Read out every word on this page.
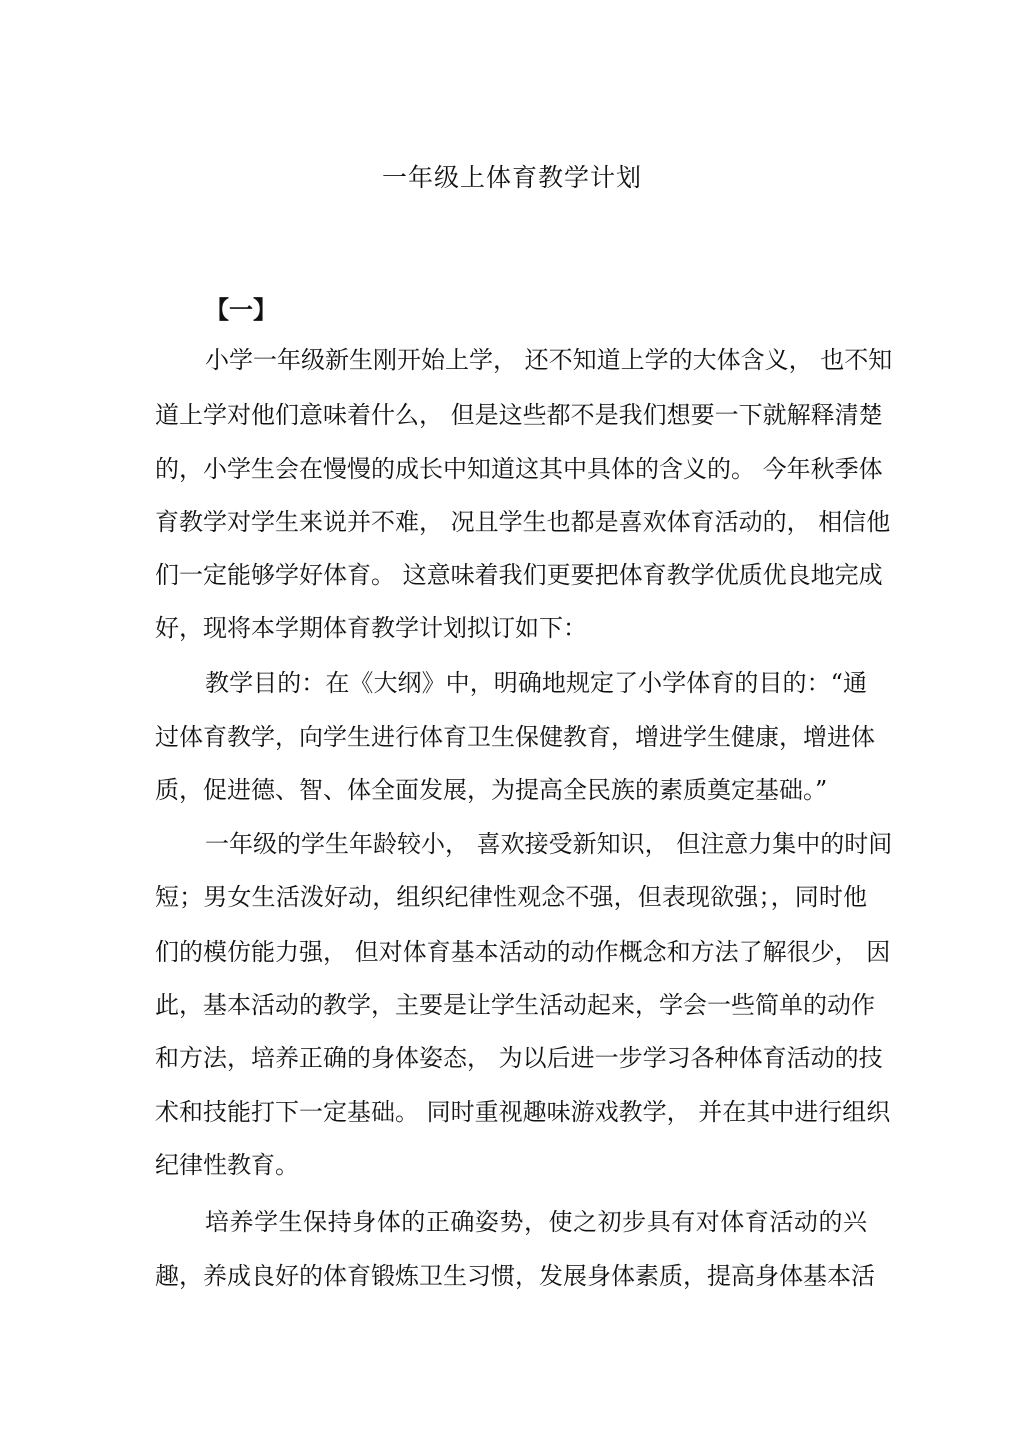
一年级上体育教学计划
【一】
小学一年级新生刚开始上学， 还不知道上学的大体含义， 也不知
道上学对他们意味着什么， 但是这些都不是我们想要一下就解释清楚
的，小学生会在慢慢的成长中知道这其中具体的含义的。 今年秋季体
育教学对学生来说并不难， 况且学生也都是喜欢体育活动的， 相信他
们一定能够学好体育。 这意味着我们更要把体育教学优质优良地完成
好，现将本学期体育教学计划拟订如下：
教学目的：在《大纲》中，明确地规定了小学体育的目的：“通
过体育教学，向学生进行体育卫生保健教育，增进学生健康，增进体
质，促进德、智、体全面发展，为提高全民族的素质奠定基础。”
一年级的学生年龄较小， 喜欢接受新知识， 但注意力集中的时间
短；男女生活泼好动，组织纪律性观念不强，但表现欲强；，同时他
们的模仿能力强， 但对体育基本活动的动作概念和方法了解很少， 因
此，基本活动的教学，主要是让学生活动起来，学会一些简单的动作
和方法，培养正确的身体姿态， 为以后进一步学习各种体育活动的技
术和技能打下一定基础。 同时重视趣味游戏教学， 并在其中进行组织
纪律性教育。
培养学生保持身体的正确姿势，使之初步具有对体育活动的兴
趣，养成良好的体育锻炼卫生习惯，发展身体素质，提高身体基本活
